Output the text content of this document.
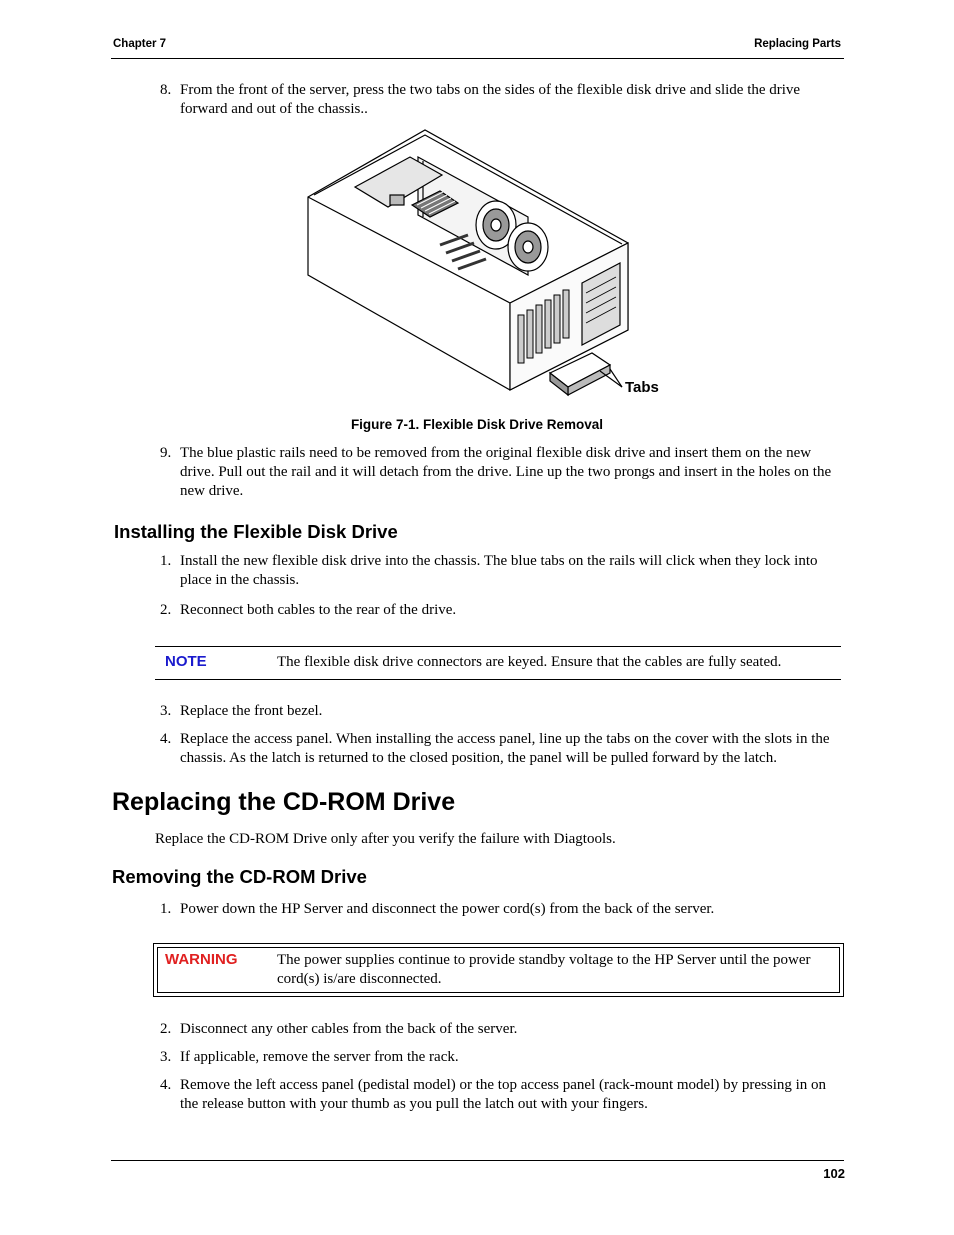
Chapter 7	Replacing Parts
8. From the front of the server, press the two tabs on the sides of the flexible disk drive and slide the drive forward and out of the chassis..
Tabs
Figure 7-1. Flexible Disk Drive Removal
9. The blue plastic rails need to be removed from the original flexible disk drive and insert them on the new drive. Pull out the rail and it will detach from the drive. Line up the two prongs and insert in the holes on the new drive.
Installing the Flexible Disk Drive
1. Install the new flexible disk drive into the chassis. The blue tabs on the rails will click when they lock into place in the chassis.
2. Reconnect both cables to the rear of the drive.
NOTE	The flexible disk drive connectors are keyed. Ensure that the cables are fully seated.
3. Replace the front bezel.
4. Replace the access panel. When installing the access panel, line up the tabs on the cover with the slots in the chassis. As the latch is returned to the closed position, the panel will be pulled forward by the latch.
Replacing the CD-ROM Drive
Replace the CD-ROM Drive only after you verify the failure with Diagtools.
Removing the CD-ROM Drive
1. Power down the HP Server and disconnect the power cord(s) from the back of the server.
WARNING	The power supplies continue to provide standby voltage to the HP Server until the power cord(s) is/are disconnected.
2. Disconnect any other cables from the back of the server.
3. If applicable, remove the server from the rack.
4. Remove the left access panel (pedistal model) or the top access panel (rack-mount model) by pressing in on the release button with your thumb as you pull the latch out with your fingers.
102
